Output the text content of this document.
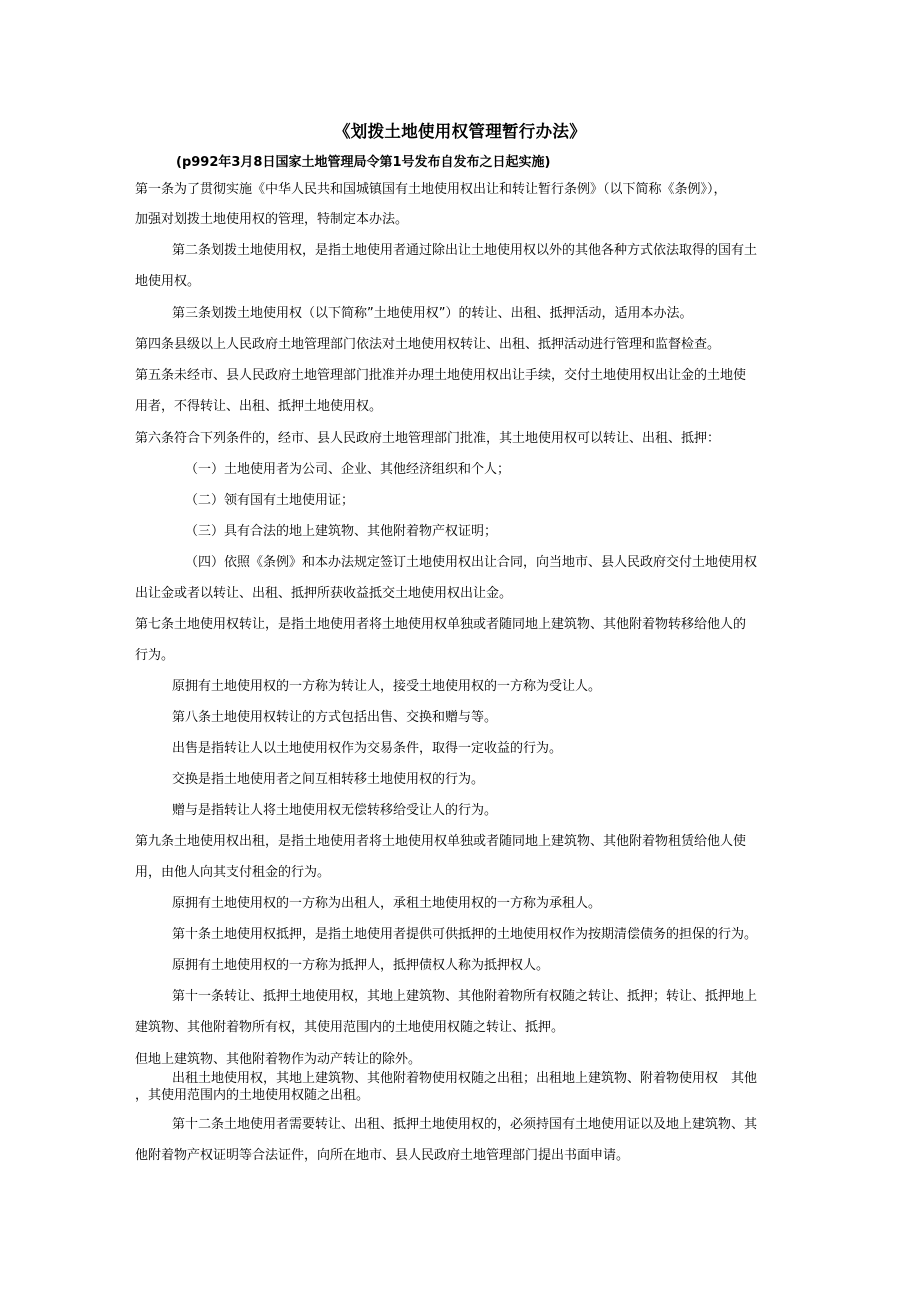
《划拨土地使用权管理暂行办法》
(p992年3月8日国家土地管理局令第1号发布自发布之日起实施)
第一条为了贯彻实施《中华人民共和国城镇国有土地使用权出让和转让暂行条例》（以下简称《条例》），
加强对划拨土地使用权的管理，特制定本办法。
第二条划拨土地使用权，是指土地使用者通过除出让土地使用权以外的其他各种方式依法取得的国有土
地使用权。
第三条划拨土地使用权（以下简称”土地使用权”）的转让、出租、抵押活动，适用本办法。
第四条县级以上人民政府土地管理部门依法对土地使用权转让、出租、抵押活动进行管理和监督检查。
第五条未经市、县人民政府土地管理部门批准并办理土地使用权出让手续，交付土地使用权出让金的土地使
用者，不得转让、出租、抵押土地使用权。
第六条符合下列条件的，经市、县人民政府土地管理部门批准，其土地使用权可以转让、出租、抵押：
（一）土地使用者为公司、企业、其他经济组织和个人；
（二）领有国有土地使用证；
（三）具有合法的地上建筑物、其他附着物产权证明；
（四）依照《条例》和本办法规定签订土地使用权出让合同，向当地市、县人民政府交付土地使用权
出让金或者以转让、出租、抵押所获收益抵交土地使用权出让金。
第七条土地使用权转让，是指土地使用者将土地使用权单独或者随同地上建筑物、其他附着物转移给他人的
行为。
原拥有土地使用权的一方称为转让人，接受土地使用权的一方称为受让人。
第八条土地使用权转让的方式包括出售、交换和赠与等。
出售是指转让人以土地使用权作为交易条件，取得一定收益的行为。
交换是指土地使用者之间互相转移土地使用权的行为。
赠与是指转让人将土地使用权无偿转移给受让人的行为。
第九条土地使用权出租，是指土地使用者将土地使用权单独或者随同地上建筑物、其他附着物租赁给他人使
用，由他人向其支付租金的行为。
原拥有土地使用权的一方称为出租人，承租土地使用权的一方称为承租人。
第十条土地使用权抵押，是指土地使用者提供可供抵押的土地使用权作为按期清偿债务的担保的行为。
原拥有土地使用权的一方称为抵押人，抵押债权人称为抵押权人。
第十一条转让、抵押土地使用权，其地上建筑物、其他附着物所有权随之转让、抵押；转让、抵押地上
建筑物、其他附着物所有权，其使用范围内的土地使用权随之转让、抵押。
但地上建筑物、其他附着物作为动产转让的除外。
出租土地使用权，其地上建筑物、其他附着物使用权随之出租；出租地上建筑物、附着物使用权　其他
，其使用范围内的土地使用权随之出租。
第十二条土地使用者需要转让、出租、抵押土地使用权的，必须持国有土地使用证以及地上建筑物、其
他附着物产权证明等合法证件，向所在地市、县人民政府土地管理部门提出书面申请。
